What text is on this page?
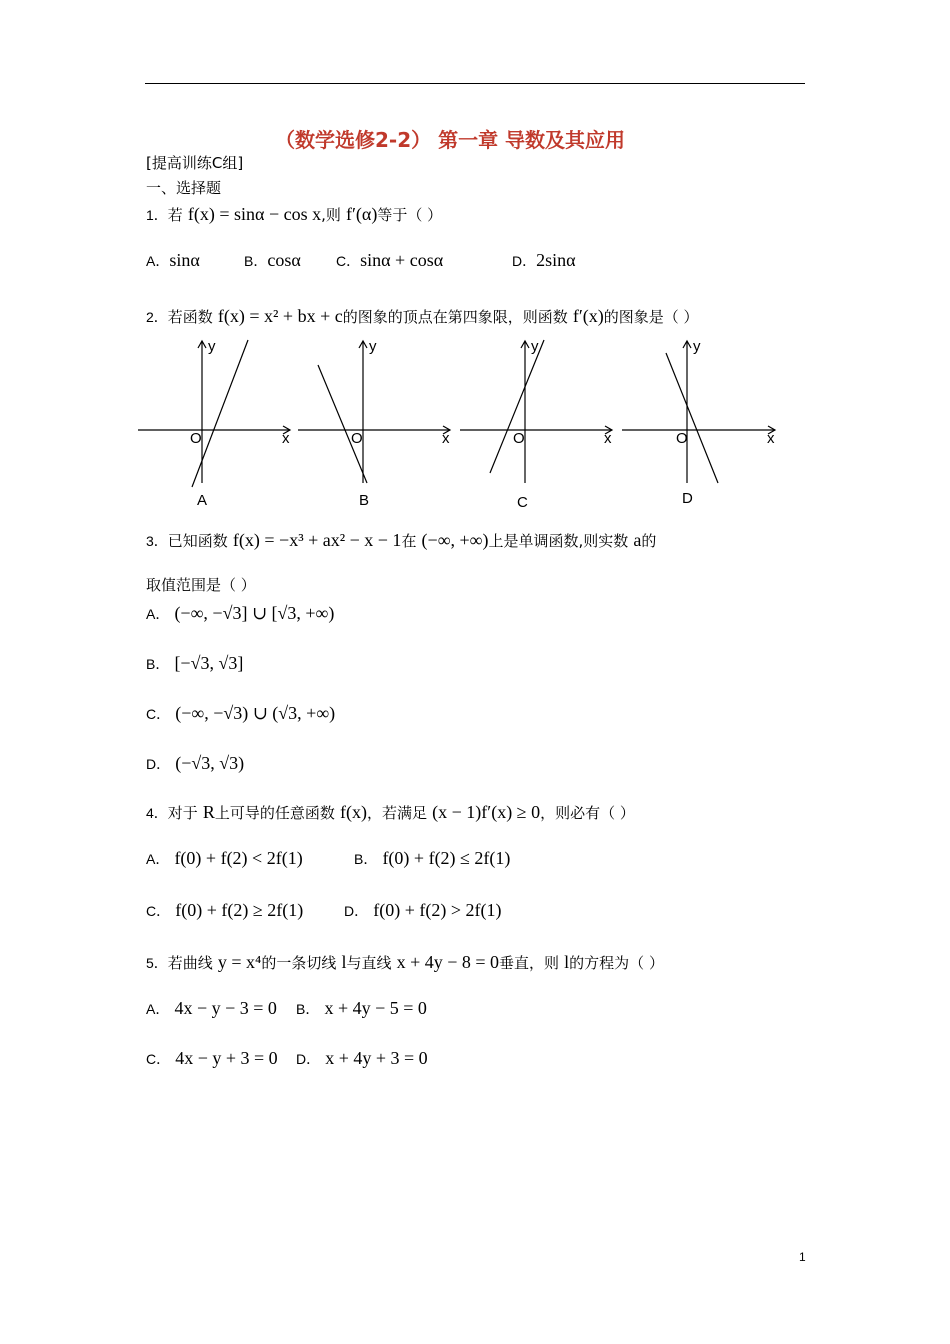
（数学选修2-2） 第一章 导数及其应用
[提高训练C组]
一、选择题
1．若 f(x) = sinα − cos x,则 f′(α)等于（ ）
A．sinα	B．cosα	C．sinα + cosα	D．2sinα
2．若函数 f(x) = x² + bx + c的图象的顶点在第四象限，则函数 f′(x)的图象是（ ）
y
x
O
A
y
x
O
B
y
x
O
C
y
x
O
D
3．已知函数 f(x) = −x³ + ax² − x − 1在 (−∞, +∞)上是单调函数,则实数 a的
取值范围是（ ）
A． (−∞, −√3] ∪ [√3, +∞)
B． [−√3, √3]
C． (−∞, −√3) ∪ (√3, +∞)
D． (−√3, √3)
4．对于 R上可导的任意函数 f(x)，若满足 (x − 1)f′(x) ≥ 0，则必有（ ）
A． f(0) + f(2) < 2f(1)	B． f(0) + f(2) ≤ 2f(1)
C． f(0) + f(2) ≥ 2f(1)	D． f(0) + f(2) > 2f(1)
5．若曲线 y = x⁴的一条切线 l与直线 x + 4y − 8 = 0垂直，则 l的方程为（ ）
A． 4x − y − 3 = 0 B． x + 4y − 5 = 0
C． 4x − y + 3 = 0 D． x + 4y + 3 = 0
1
